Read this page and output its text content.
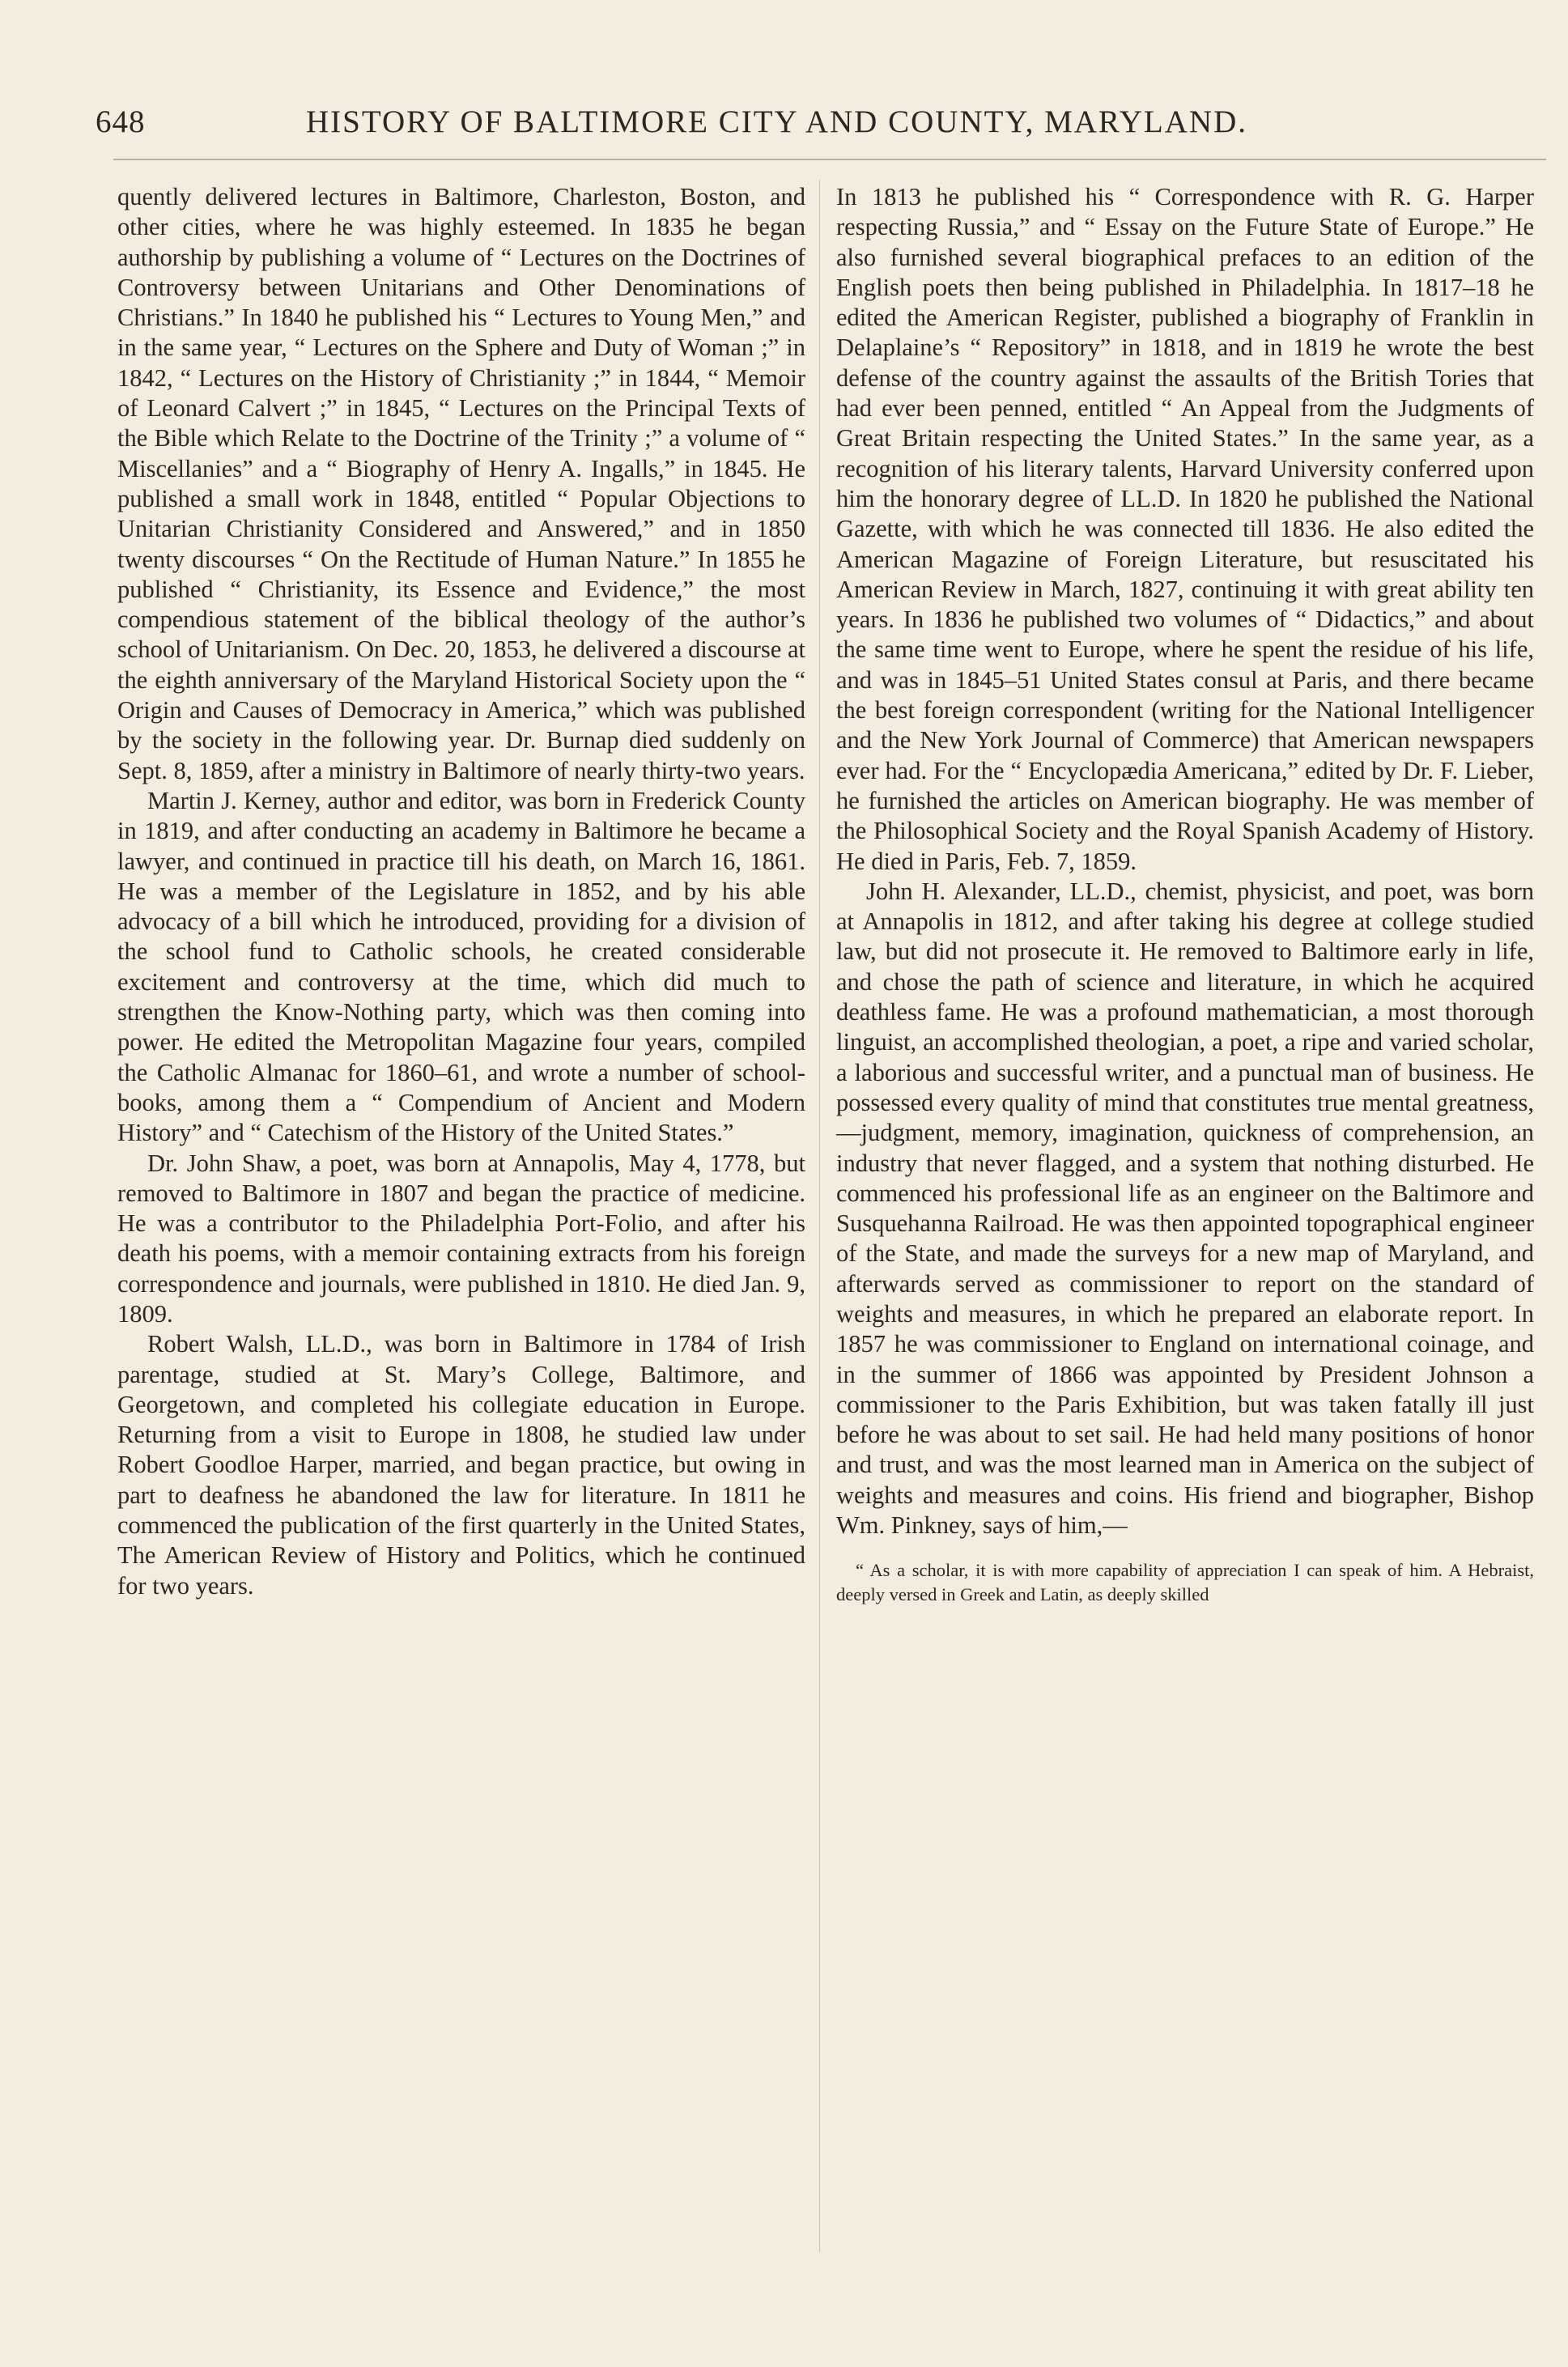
648	HISTORY OF BALTIMORE CITY AND COUNTY, MARYLAND.

quently delivered lectures in Baltimore, Charleston, Boston, and other cities, where he was highly esteemed. In 1835 he began authorship by publishing a volume of “ Lectures on the Doctrines of Controversy between Unitarians and Other Denominations of Christians.” In 1840 he published his “ Lectures to Young Men,” and in the same year, “ Lectures on the Sphere and Duty of Woman ;” in 1842, “ Lectures on the History of Christianity ;” in 1844, “ Memoir of Leonard Calvert ;” in 1845, “ Lectures on the Principal Texts of the Bible which Relate to the Doctrine of the Trinity ;” a volume of “ Miscellanies” and a “ Biography of Henry A. Ingalls,” in 1845. He published a small work in 1848, entitled “ Popular Objections to Unitarian Christianity Considered and Answered,” and in 1850 twenty discourses “ On the Rectitude of Human Nature.” In 1855 he published “ Christianity, its Essence and Evidence,” the most compendious statement of the biblical theology of the author’s school of Unitarianism. On Dec. 20, 1853, he delivered a discourse at the eighth anniversary of the Maryland Historical Society upon the “ Origin and Causes of Democracy in America,” which was published by the society in the following year. Dr. Burnap died suddenly on Sept. 8, 1859, after a ministry in Baltimore of nearly thirty-two years.

Martin J. Kerney, author and editor, was born in Frederick County in 1819, and after conducting an academy in Baltimore he became a lawyer, and continued in practice till his death, on March 16, 1861. He was a member of the Legislature in 1852, and by his able advocacy of a bill which he introduced, providing for a division of the school fund to Catholic schools, he created considerable excitement and controversy at the time, which did much to strengthen the Know-Nothing party, which was then coming into power. He edited the Metropolitan Magazine four years, compiled the Catholic Almanac for 1860–61, and wrote a number of school-books, among them a “ Compendium of Ancient and Modern History” and “ Catechism of the History of the United States.”

Dr. John Shaw, a poet, was born at Annapolis, May 4, 1778, but removed to Baltimore in 1807 and began the practice of medicine. He was a contributor to the Philadelphia Port-Folio, and after his death his poems, with a memoir containing extracts from his foreign correspondence and journals, were published in 1810. He died Jan. 9, 1809.

Robert Walsh, LL.D., was born in Baltimore in 1784 of Irish parentage, studied at St. Mary’s College, Baltimore, and Georgetown, and completed his collegiate education in Europe. Returning from a visit to Europe in 1808, he studied law under Robert Goodloe Harper, married, and began practice, but owing in part to deafness he abandoned the law for literature. In 1811 he commenced the publication of the first quarterly in the United States, The American Review of History and Politics, which he continued for two years.

In 1813 he published his “ Correspondence with R. G. Harper respecting Russia,” and “ Essay on the Future State of Europe.” He also furnished several biographical prefaces to an edition of the English poets then being published in Philadelphia. In 1817–18 he edited the American Register, published a biography of Franklin in Delaplaine’s “ Repository” in 1818, and in 1819 he wrote the best defense of the country against the assaults of the British Tories that had ever been penned, entitled “ An Appeal from the Judgments of Great Britain respecting the United States.” In the same year, as a recognition of his literary talents, Harvard University conferred upon him the honorary degree of LL.D. In 1820 he published the National Gazette, with which he was connected till 1836. He also edited the American Magazine of Foreign Literature, but resuscitated his American Review in March, 1827, continuing it with great ability ten years. In 1836 he published two volumes of “ Didactics,” and about the same time went to Europe, where he spent the residue of his life, and was in 1845–51 United States consul at Paris, and there became the best foreign correspondent (writing for the National Intelligencer and the New York Journal of Commerce) that American newspapers ever had. For the “ Encyclopædia Americana,” edited by Dr. F. Lieber, he furnished the articles on American biography. He was member of the Philosophical Society and the Royal Spanish Academy of History. He died in Paris, Feb. 7, 1859.

John H. Alexander, LL.D., chemist, physicist, and poet, was born at Annapolis in 1812, and after taking his degree at college studied law, but did not prosecute it. He removed to Baltimore early in life, and chose the path of science and literature, in which he acquired deathless fame. He was a profound mathematician, a most thorough linguist, an accomplished theologian, a poet, a ripe and varied scholar, a laborious and successful writer, and a punctual man of business. He possessed every quality of mind that constitutes true mental greatness,—judgment, memory, imagination, quickness of comprehension, an industry that never flagged, and a system that nothing disturbed. He commenced his professional life as an engineer on the Baltimore and Susquehanna Railroad. He was then appointed topographical engineer of the State, and made the surveys for a new map of Maryland, and afterwards served as commissioner to report on the standard of weights and measures, in which he prepared an elaborate report. In 1857 he was commissioner to England on international coinage, and in the summer of 1866 was appointed by President Johnson a commissioner to the Paris Exhibition, but was taken fatally ill just before he was about to set sail. He had held many positions of honor and trust, and was the most learned man in America on the subject of weights and measures and coins. His friend and biographer, Bishop Wm. Pinkney, says of him,—

“ As a scholar, it is with more capability of appreciation I can speak of him. A Hebraist, deeply versed in Greek and Latin, as deeply skilled
